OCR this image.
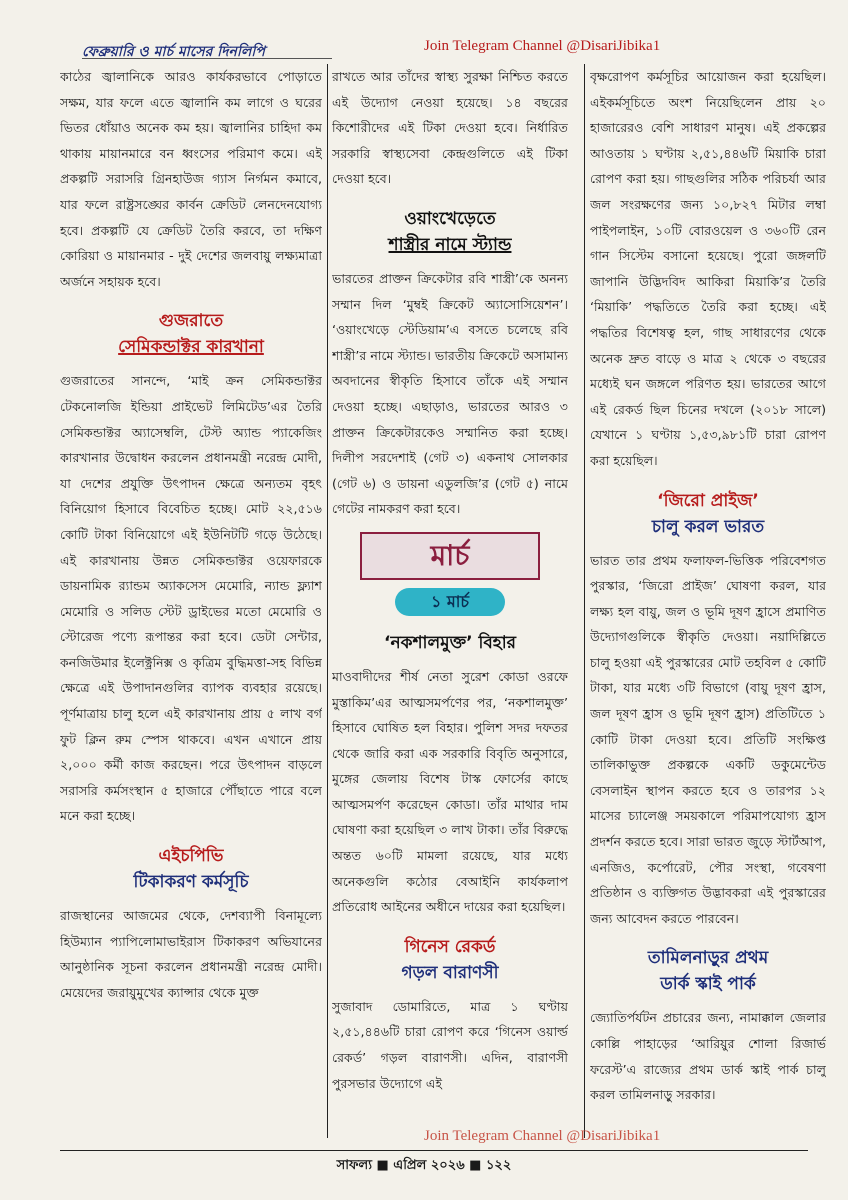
ফেব্রুয়ারি ও মার্চ মাসের দিনলিপি	Join Telegram Channel @DisariJibika1

কাঠের জ্বালানিকে আরও কার্যকরভাবে পোড়াতে সক্ষম, যার ফলে এতে জ্বালানি কম লাগে ও ঘরের ভিতর ধোঁয়াও অনেক কম হয়। জ্বালানির চাহিদা কম থাকায় মায়ানমারে বন ধ্বংসের পরিমাণ কমে। এই প্রকল্পটি সরাসরি গ্রিনহাউজ গ্যাস নির্গমন কমাবে, যার ফলে রাষ্ট্রসঙ্ঘের কার্বন ক্রেডিট লেনদেনযোগ্য হবে। প্রকল্পটি যে ক্রেডিট তৈরি করবে, তা দক্ষিণ কোরিয়া ও মায়ানমার - দুই দেশের জলবায়ু লক্ষ্যমাত্রা অর্জনে সহায়ক হবে।

গুজরাতে
সেমিকন্ডাক্টর কারখানা

গুজরাতের সানন্দে, ‘মাই ক্রন সেমিকন্ডাক্টর টেকনোলজি ইন্ডিয়া প্রাইভেট লিমিটেড’এর তৈরি সেমিকন্ডাক্টর অ্যাসেম্বলি, টেস্ট অ্যান্ড প্যাকেজিং কারখানার উদ্বোধন করলেন প্রধানমন্ত্রী নরেন্দ্র মোদী, যা দেশের প্রযুক্তি উৎপাদন ক্ষেত্রে অন্যতম বৃহৎ বিনিয়োগ হিসাবে বিবেচিত হচ্ছে। মোট ২২,৫১৬ কোটি টাকা বিনিয়োগে এই ইউনিটটি গড়ে উঠেছে। এই কারখানায় উন্নত সেমিকন্ডাক্টর ওয়েফারকে ডায়নামিক র‍্যান্ডম অ্যাকসেস মেমোরি, ন্যান্ড ফ্ল্যাশ মেমোরি ও সলিড স্টেট ড্রাইভের মতো মেমোরি ও স্টোরেজ পণ্যে রূপান্তর করা হবে। ডেটা সেন্টার, কনজিউমার ইলেক্ট্রনিক্স ও কৃত্রিম বুদ্ধিমত্তা-সহ বিভিন্ন ক্ষেত্রে এই উপাদানগুলির ব্যাপক ব্যবহার রয়েছে। পূর্ণমাত্রায় চালু হলে এই কারখানায় প্রায় ৫ লাখ বর্গ ফুট ক্লিন রুম স্পেস থাকবে। এখন এখানে প্রায় ২,০০০ কর্মী কাজ করছেন। পরে উৎপাদন বাড়লে সরাসরি কর্মসংস্থান ৫ হাজারে পৌঁছাতে পারে বলে মনে করা হচ্ছে।

এইচপিভি
টিকাকরণ কর্মসূচি

রাজস্থানের আজমের থেকে, দেশব্যাপী বিনামূল্যে হিউম্যান প্যাপিলোমাভাইরাস টিকাকরণ অভিযানের আনুষ্ঠানিক সূচনা করলেন প্রধানমন্ত্রী নরেন্দ্র মোদী। মেয়েদের জরায়ুমুখের ক্যান্সার থেকে মুক্ত

রাখতে আর তাঁদের স্বাস্থ্য সুরক্ষা নিশ্চিত করতে এই উদ্যোগ নেওয়া হয়েছে। ১৪ বছরের কিশোরীদের এই টিকা দেওয়া হবে। নির্ধারিত সরকারি স্বাস্থ্যসেবা কেন্দ্রগুলিতে এই টিকা দেওয়া হবে।

ওয়াংখেড়েতে
শাস্ত্রীর নামে স্ট্যান্ড

ভারতের প্রাক্তন ক্রিকেটার রবি শাস্ত্রী’কে অনন্য সম্মান দিল ‘মুম্বই ক্রিকেট অ্যাসোসিয়েশন’। ‘ওয়াংখেড়ে স্টেডিয়াম’এ বসতে চলেছে রবি শাস্ত্রী’র নামে স্ট্যান্ড। ভারতীয় ক্রিকেটে অসামান্য অবদানের স্বীকৃতি হিসাবে তাঁকে এই সম্মান দেওয়া হচ্ছে। এছাড়াও, ভারতের আরও ৩ প্রাক্তন ক্রিকেটারকেও সম্মানিত করা হচ্ছে। দিলীপ সরদেশাই (গেট ৩) একনাথ সোলকার (গেট ৬) ও ডায়না এডুলজি’র (গেট ৫) নামে গেটের নামকরণ করা হবে।

মার্চ
১ মার্চ
‘নকশালমুক্ত’ বিহার

মাওবাদীদের শীর্ষ নেতা সুরেশ কোডা ওরফে মুস্তাকিম’এর আত্মসমর্পণের পর, ‘নকশালমুক্ত’ হিসাবে ঘোষিত হল বিহার। পুলিশ সদর দফতর থেকে জারি করা এক সরকারি বিবৃতি অনুসারে, মুঙ্গের জেলায় বিশেষ টাস্ক ফোর্সের কাছে আত্মসমর্পণ করেছেন কোডা। তাঁর মাথার দাম ঘোষণা করা হয়েছিল ৩ লাখ টাকা। তাঁর বিরুদ্ধে অন্তত ৬০টি মামলা রয়েছে, যার মধ্যে অনেকগুলি কঠোর বেআইনি কার্যকলাপ প্রতিরোধ আইনের অধীনে দায়ের করা হয়েছিল।

গিনেস রেকর্ড
গড়ল বারাণসী

সুজাবাদ ডোমারিতে, মাত্র ১ ঘণ্টায় ২,৫১,৪৪৬টি চারা রোপণ করে ‘গিনেস ওয়ার্ল্ড রেকর্ড’ গড়ল বারাণসী। এদিন, বারাণসী পুরসভার উদ্যোগে এই

বৃক্ষরোপণ কর্মসূচির আয়োজন করা হয়েছিল। এইকর্মসূচিতে অংশ নিয়েছিলেন প্রায় ২০ হাজারেরও বেশি সাধারণ মানুষ। এই প্রকল্পের আওতায় ১ ঘণ্টায় ২,৫১,৪৪৬টি মিয়াকি চারা রোপণ করা হয়। গাছগুলির সঠিক পরিচর্যা আর জল সংরক্ষণের জন্য ১০,৮২৭ মিটার লম্বা পাইপলাইন, ১০টি বোরওয়েল ও ৩৬০টি রেন গান সিস্টেম বসানো হয়েছে। পুরো জঙ্গলটি জাপানি উদ্ভিদবিদ আকিরা মিয়াকি’র তৈরি ‘মিয়াকি’ পদ্ধতিতে তৈরি করা হচ্ছে। এই পদ্ধতির বিশেষত্ব হল, গাছ সাধারণের থেকে অনেক দ্রুত বাড়ে ও মাত্র ২ থেকে ৩ বছরের মধ্যেই ঘন জঙ্গলে পরিণত হয়। ভারতের আগে এই রেকর্ড ছিল চিনের দখলে (২০১৮ সালে) যেখানে ১ ঘণ্টায় ১,৫৩,৯৮১টি চারা রোপণ করা হয়েছিল।

‘জিরো প্রাইজ’
চালু করল ভারত

ভারত তার প্রথম ফলাফল-ভিত্তিক পরিবেশগত পুরস্কার, ‘জিরো প্রাইজ’ ঘোষণা করল, যার লক্ষ্য হল বায়ু, জল ও ভূমি দূষণ হ্রাসে প্রমাণিত উদ্যোগগুলিকে স্বীকৃতি দেওয়া। নয়াদিল্লিতে চালু হওয়া এই পুরস্কারের মোট তহবিল ৫ কোটি টাকা, যার মধ্যে ৩টি বিভাগে (বায়ু দূষণ হ্রাস, জল দূষণ হ্রাস ও ভূমি দূষণ হ্রাস) প্রতিটিতে ১ কোটি টাকা দেওয়া হবে। প্রতিটি সংক্ষিপ্ত তালিকাভুক্ত প্রকল্পকে একটি ডকুমেন্টেড বেসলাইন স্থাপন করতে হবে ও তারপর ১২ মাসের চ্যালেঞ্জ সময়কালে পরিমাপযোগ্য হ্রাস প্রদর্শন করতে হবে। সারা ভারত জুড়ে স্টার্টআপ, এনজিও, কর্পোরেট, পৌর সংস্থা, গবেষণা প্রতিষ্ঠান ও ব্যক্তিগত উদ্ভাবকরা এই পুরস্কারের জন্য আবেদন করতে পারবেন।

তামিলনাড়ুর প্রথম
ডার্ক স্কাই পার্ক

জ্যোতির্পর্যটন প্রচারের জন্য, নামাক্কাল জেলার কোল্লি পাহাড়ের ‘আরিয়ুর শোলা রিজার্ভ ফরেস্ট’এ রাজ্যের প্রথম ডার্ক স্কাই পার্ক চালু করল তামিলনাড়ু সরকার।

Join Telegram Channel @DisariJibika1
সাফল্য ■ এপ্রিল ২০২৬ ■ ১২২
